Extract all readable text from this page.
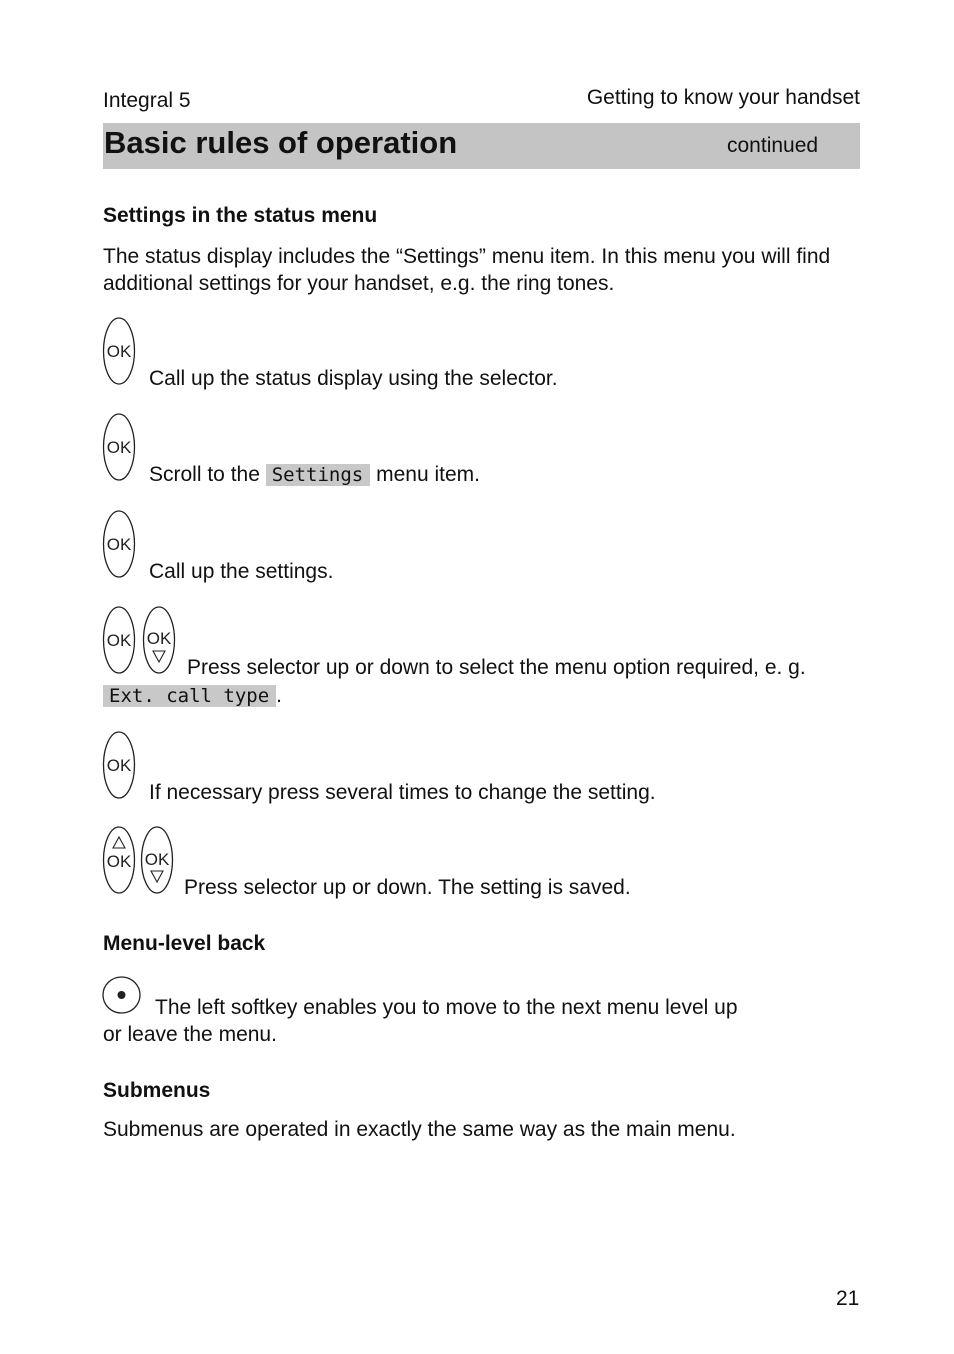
Integral 5	Getting to know your handset
Basic rules of operation	continued
Settings in the status menu
The status display includes the “Settings” menu item. In this menu you will find additional settings for your handset, e.g. the ring tones.
OK
Call up the status display using the selector.
OK
Scroll to the Settings menu item.
OK
Call up the settings.
OK OK
Press selector up or down to select the menu option required, e. g.
Ext. call type .
OK
If necessary press several times to change the setting.
OK OK
Press selector up or down. The setting is saved.
Menu-level back
The left softkey enables you to move to the next menu level up
or leave the menu.
Submenus
Submenus are operated in exactly the same way as the main menu.
21
